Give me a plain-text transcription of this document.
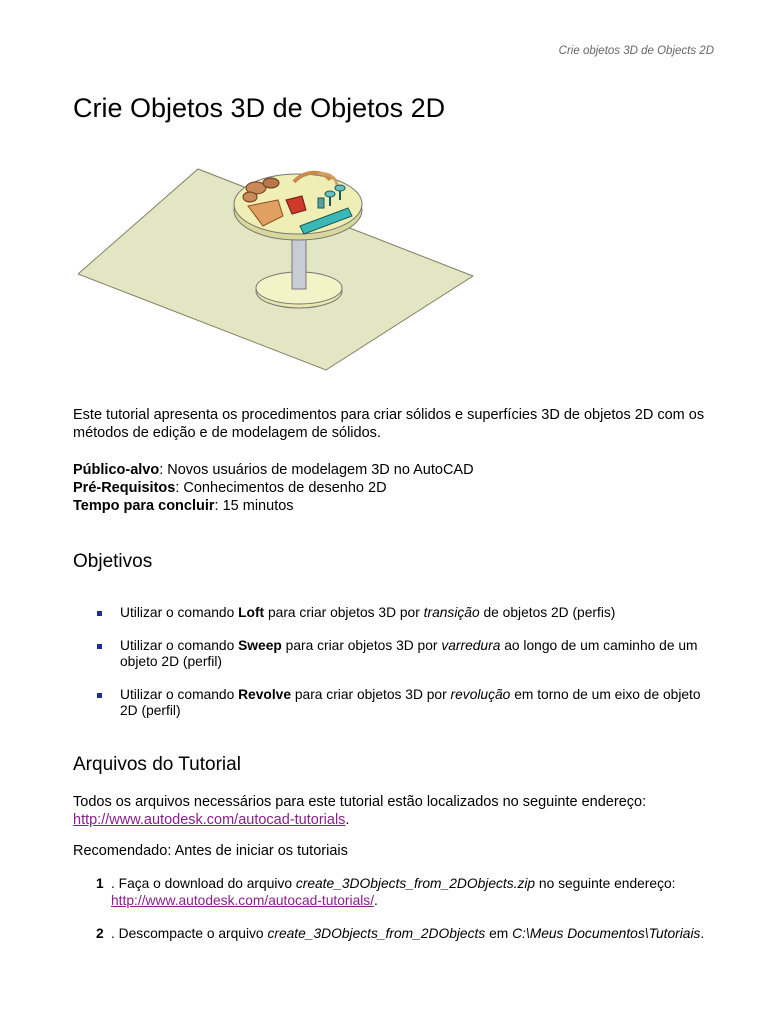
Crie objetos 3D de Objects 2D
Crie Objetos 3D de Objetos 2D

Este tutorial apresenta os procedimentos para criar sólidos e superfícies 3D de objetos 2D com os métodos de edição e de modelagem de sólidos.

Público-alvo: Novos usuários de modelagem 3D no AutoCAD
Pré-Requisitos: Conhecimentos de desenho 2D
Tempo para concluir: 15 minutos
Objetivos
Utilizar o comando Loft para criar objetos 3D por transição de objetos 2D (perfis)
Utilizar o comando Sweep para criar objetos 3D por varredura ao longo de um caminho de um objeto 2D (perfil)
Utilizar o comando Revolve para criar objetos 3D por revolução em torno de um eixo de objeto 2D (perfil)
Arquivos do Tutorial

Todos os arquivos necessários para este tutorial estão localizados no seguinte endereço:
http://www.autodesk.com/autocad-tutorials.

Recomendado: Antes de iniciar os tutoriais

1 . Faça o download do arquivo create_3DObjects_from_2DObjects.zip no seguinte endereço:
http://www.autodesk.com/autocad-tutorials/.
2 . Descompacte o arquivo create_3DObjects_from_2DObjects em C:\Meus Documentos\Tutoriais.
